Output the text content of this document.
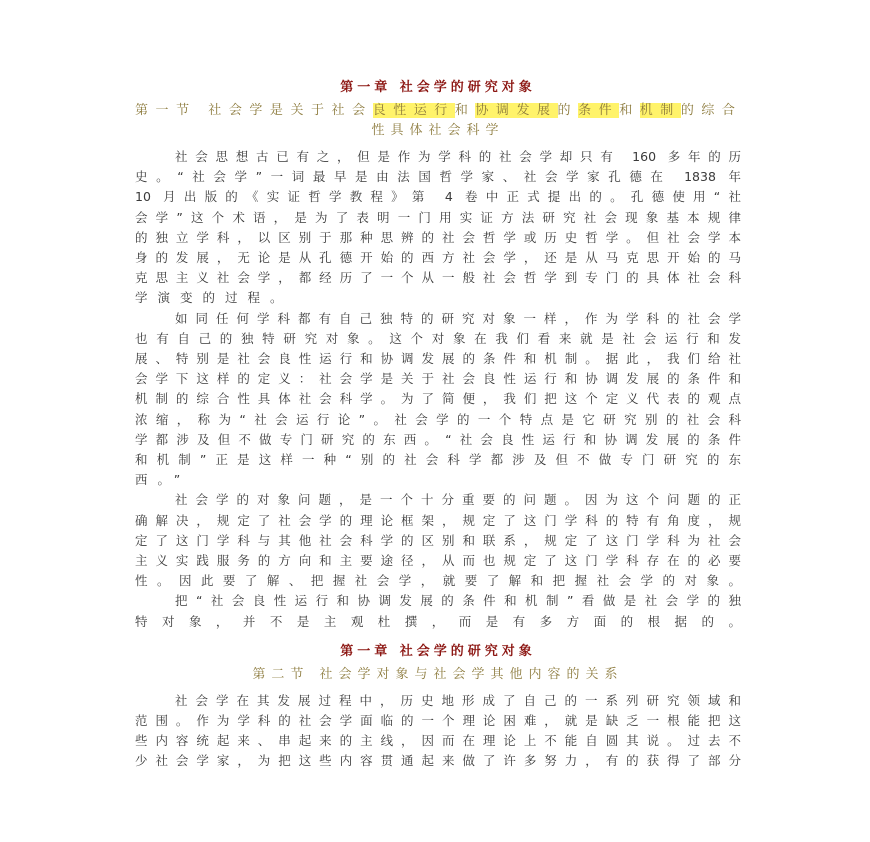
第一章 社会学的研究对象
第一节 社会学是关于社会良性运行和协调发展的条件和机制的综合
性具体社会科学
社会思想古已有之，但是作为学科的社会学却只有 160 多年的历
史。“社会学”一词最早是由法国哲学家、社会学家孔德在 1838 年
10 月出版的《实证哲学教程》第 4 卷中正式提出的。孔德使用“社
会学”这个术语，是为了表明一门用实证方法研究社会现象基本规律
的独立学科，以区别于那种思辨的社会哲学或历史哲学。但社会学本
身的发展，无论是从孔德开始的西方社会学，还是从马克思开始的马
克思主义社会学，都经历了一个从一般社会哲学到专门的具体社会科
学演变的过程。
如同任何学科都有自己独特的研究对象一样，作为学科的社会学
也有自己的独特研究对象。这个对象在我们看来就是社会运行和发
展、特别是社会良性运行和协调发展的条件和机制。据此，我们给社
会学下这样的定义：社会学是关于社会良性运行和协调发展的条件和
机制的综合性具体社会科学。为了简便，我们把这个定义代表的观点
浓缩，称为“社会运行论”。社会学的一个特点是它研究别的社会科
学都涉及但不做专门研究的东西。“社会良性运行和协调发展的条件
和机制”正是这样一种“别的社会科学都涉及但不做专门研究的东
西。”
社会学的对象问题，是一个十分重要的问题。因为这个问题的正
确解决，规定了社会学的理论框架，规定了这门学科的特有角度，规
定了这门学科与其他社会科学的区别和联系，规定了这门学科为社会
主义实践服务的方向和主要途径，从而也规定了这门学科存在的必要
性。因此要了解、把握社会学，就要了解和把握社会学的对象。
把“社会良性运行和协调发展的条件和机制”看做是社会学的独
特对象，并不是主观杜撰，而是有多方面的根据的。
第一章 社会学的研究对象
第二节 社会学对象与社会学其他内容的关系
社会学在其发展过程中，历史地形成了自己的一系列研究领域和
范围。作为学科的社会学面临的一个理论困难，就是缺乏一根能把这
些内容统起来、串起来的主线，因而在理论上不能自圆其说。过去不
少社会学家，为把这些内容贯通起来做了许多努力，有的获得了部分
